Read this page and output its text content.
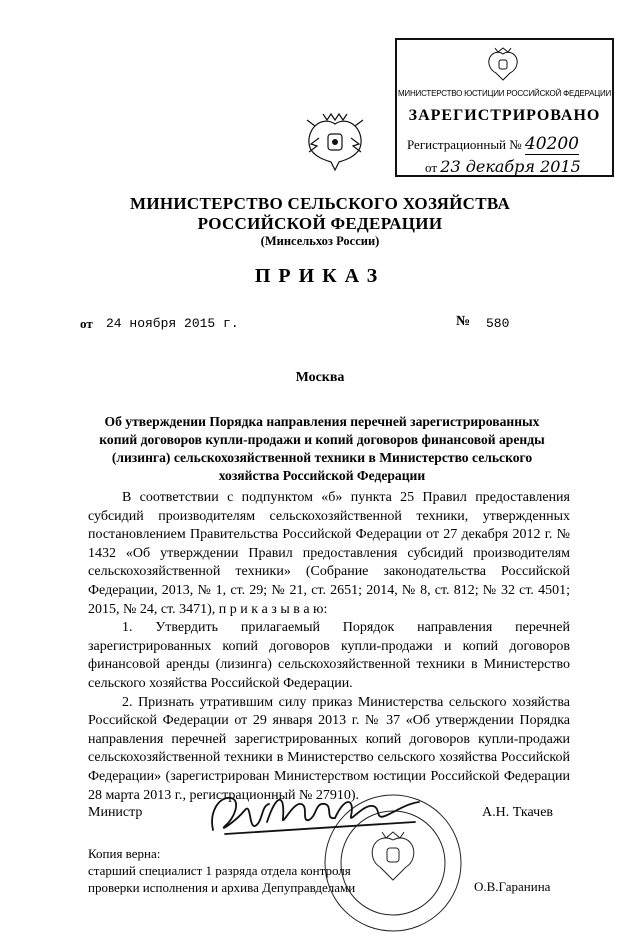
МИНИСТЕРСТВО ЮСТИЦИИ РОССИЙСКОЙ ФЕДЕРАЦИИ
ЗАРЕГИСТРИРОВАНО
Регистрационный № 40200
от 23 декабря 2015
МИНИСТЕРСТВО СЕЛЬСКОГО ХОЗЯЙСТВА
РОССИЙСКОЙ ФЕДЕРАЦИИ
(Минсельхоз России)
ПРИКАЗ
от 24 ноября 2015 г.	№ 580
Москва
Об утверждении Порядка направления перечней зарегистрированных копий договоров купли-продажи и копий договоров финансовой аренды (лизинга) сельскохозяйственной техники в Министерство сельского хозяйства Российской Федерации

В соответствии с подпунктом «б» пункта 25 Правил предоставления субсидий производителям сельскохозяйственной техники, утвержденных постановлением Правительства Российской Федерации от 27 декабря 2012 г. № 1432 «Об утверждении Правил предоставления субсидий производителям сельскохозяйственной техники» (Собрание законодательства Российской Федерации, 2013, № 1, ст. 29; № 21, ст. 2651; 2014, № 8, ст. 812; № 32 ст. 4501; 2015, № 24, ст. 3471), п р и к а з ы в а ю:

1. Утвердить прилагаемый Порядок направления перечней зарегистрированных копий договоров купли-продажи и копий договоров финансовой аренды (лизинга) сельскохозяйственной техники в Министерство сельского хозяйства Российской Федерации.

2. Признать утратившим силу приказ Министерства сельского хозяйства Российской Федерации от 29 января 2013 г. № 37 «Об утверждении Порядка направления перечней зарегистрированных копий договоров купли-продажи сельскохозяйственной техники в Министерство сельского хозяйства Российской Федерации» (зарегистрирован Министерством юстиции Российской Федерации 28 марта 2013 г., регистрационный № 27910).

Министр	А.Н. Ткачев
Копия верна:
старший специалист 1 разряда отдела контроля
проверки исполнения и архива Депуправделами	О.В.Гаранина
